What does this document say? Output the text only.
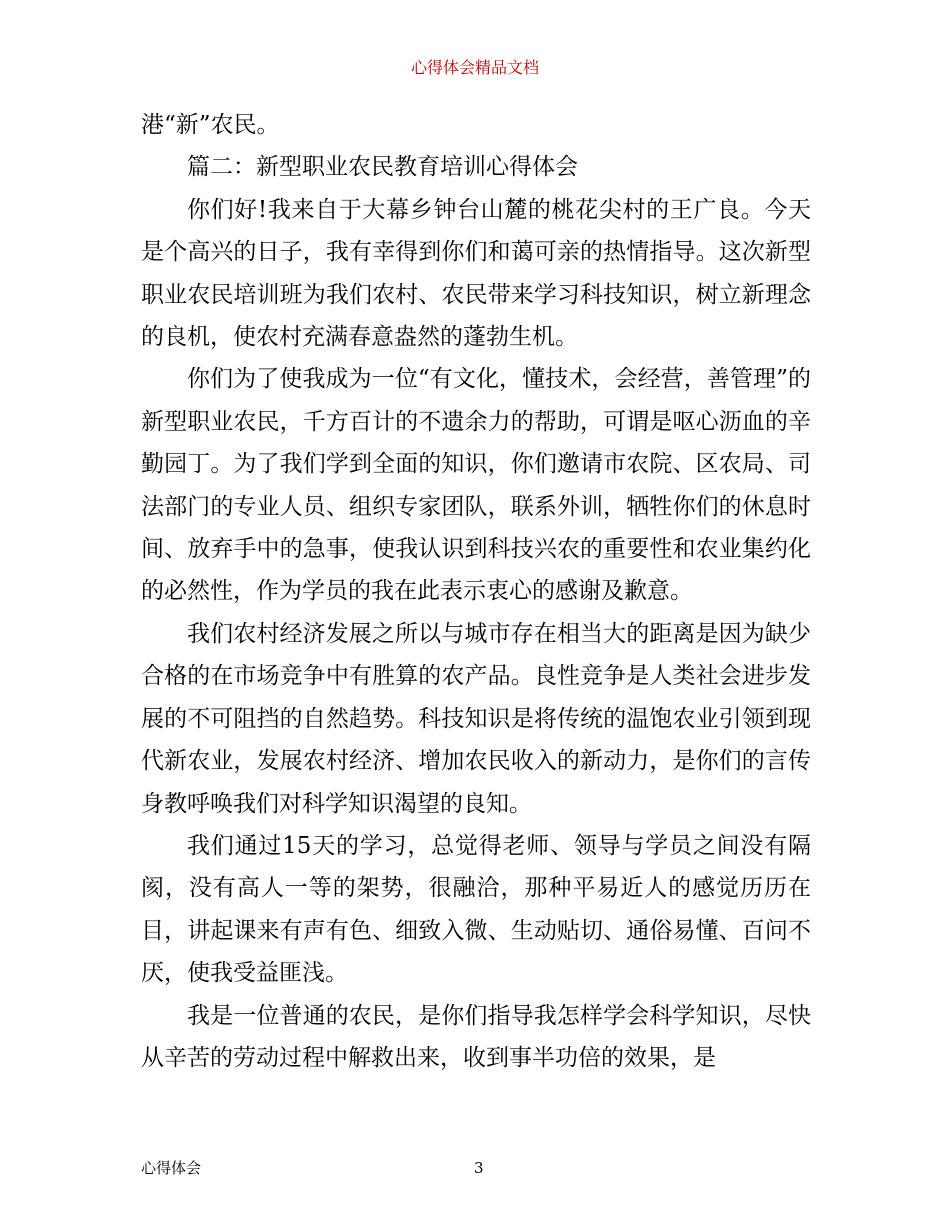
心得体会精品文档

港“新”农民。

篇二：新型职业农民教育培训心得体会

你们好!我来自于大幕乡钟台山麓的桃花尖村的王广良。今天是个高兴的日子，我有幸得到你们和蔼可亲的热情指导。这次新型职业农民培训班为我们农村、农民带来学习科技知识，树立新理念的良机，使农村充满春意盎然的蓬勃生机。

你们为了使我成为一位“有文化，懂技术，会经营，善管理”的新型职业农民，千方百计的不遗余力的帮助，可谓是呕心沥血的辛勤园丁。为了我们学到全面的知识，你们邀请市农院、区农局、司法部门的专业人员、组织专家团队，联系外训，牺牲你们的休息时间、放弃手中的急事，使我认识到科技兴农的重要性和农业集约化的必然性，作为学员的我在此表示衷心的感谢及歉意。

我们农村经济发展之所以与城市存在相当大的距离是因为缺少合格的在市场竞争中有胜算的农产品。良性竞争是人类社会进步发展的不可阻挡的自然趋势。科技知识是将传统的温饱农业引领到现代新农业，发展农村经济、增加农民收入的新动力，是你们的言传身教呼唤我们对科学知识渴望的良知。

我们通过15天的学习，总觉得老师、领导与学员之间没有隔阂，没有高人一等的架势，很融洽，那种平易近人的感觉历历在目，讲起课来有声有色、细致入微、生动贴切、通俗易懂、百问不厌，使我受益匪浅。

我是一位普通的农民，是你们指导我怎样学会科学知识，尽快从辛苦的劳动过程中解救出来，收到事半功倍的效果，是

心得体会	3
